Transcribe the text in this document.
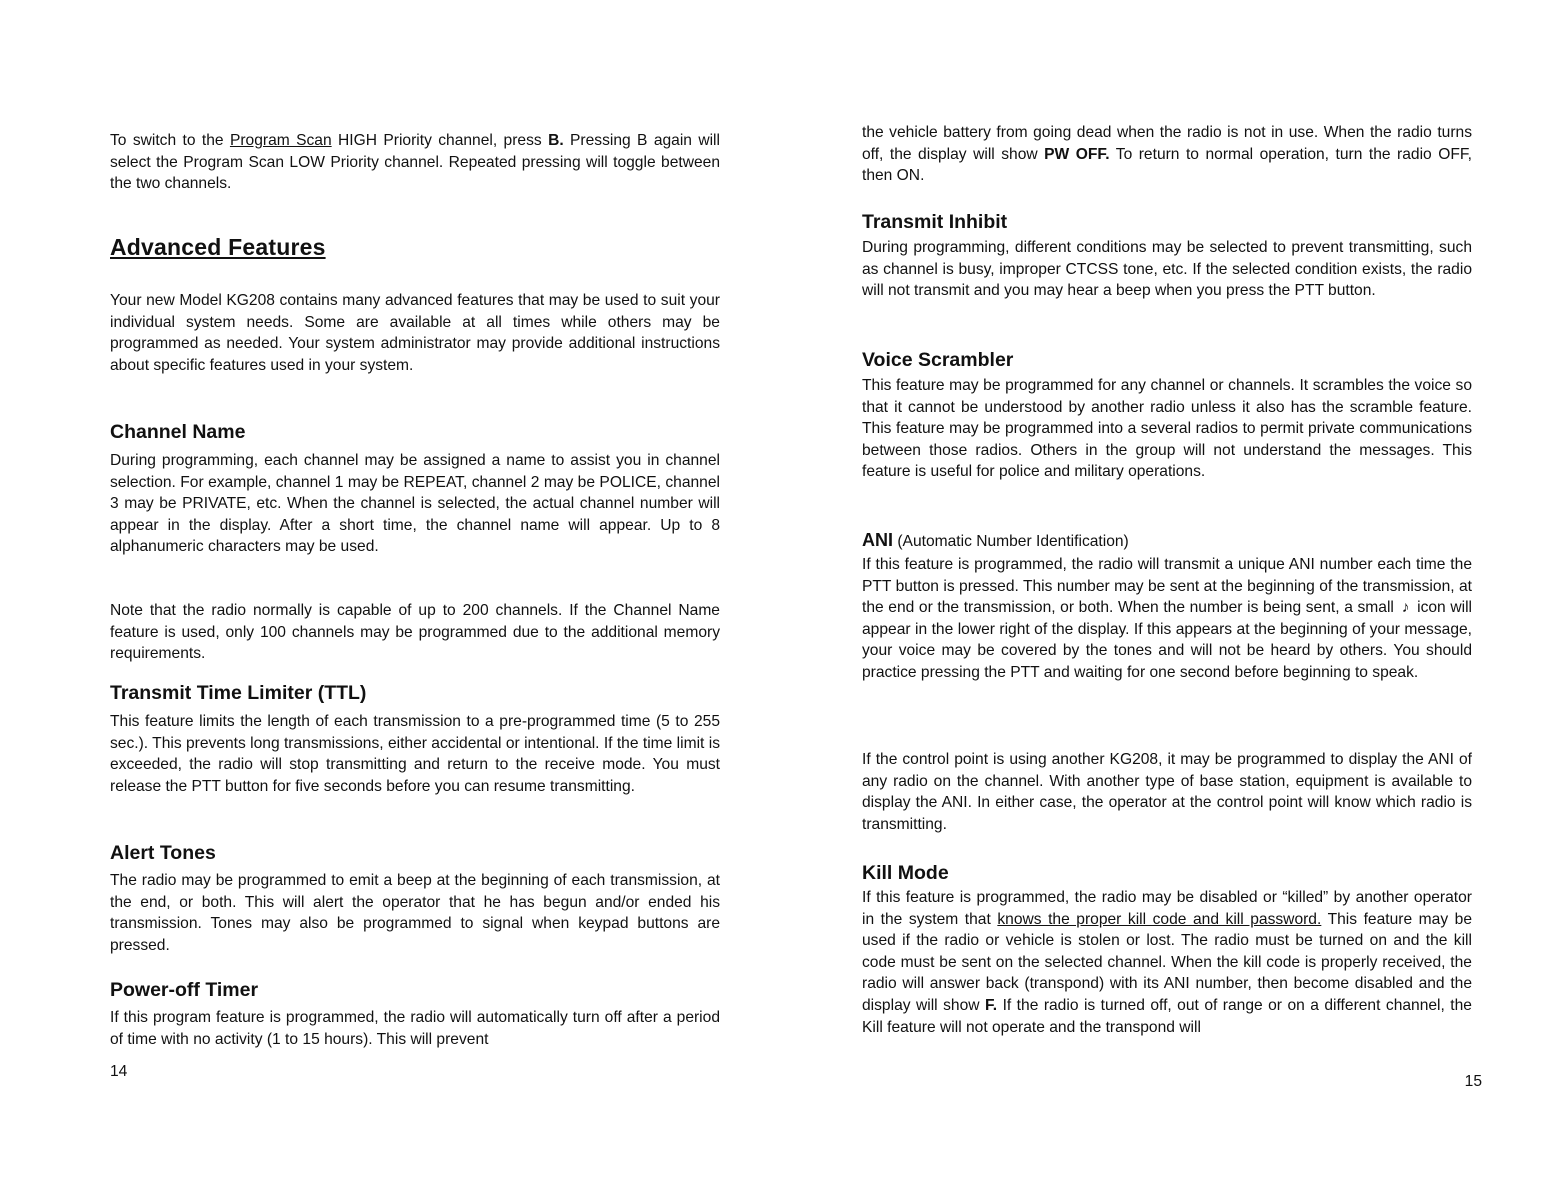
To switch to the Program Scan HIGH Priority channel, press B. Pressing B again will select the Program Scan LOW Priority channel. Repeated pressing will toggle between the two channels.

Advanced Features

Your new Model KG208 contains many advanced features that may be used to suit your individual system needs. Some are available at all times while others may be programmed as needed. Your system administrator may provide additional instructions about specific features used in your system.

Channel Name

During programming, each channel may be assigned a name to assist you in channel selection. For example, channel 1 may be REPEAT, channel 2 may be POLICE, channel 3 may be PRIVATE, etc. When the channel is selected, the actual channel number will appear in the display. After a short time, the channel name will appear. Up to 8 alphanumeric characters may be used.

Note that the radio normally is capable of up to 200 channels. If the Channel Name feature is used, only 100 channels may be programmed due to the additional memory requirements.

Transmit Time Limiter (TTL)

This feature limits the length of each transmission to a pre-programmed time (5 to 255 sec.). This prevents long transmissions, either accidental or intentional. If the time limit is exceeded, the radio will stop transmitting and return to the receive mode. You must release the PTT button for five seconds before you can resume transmitting.

Alert Tones

The radio may be programmed to emit a beep at the beginning of each transmission, at the end, or both. This will alert the operator that he has begun and/or ended his transmission. Tones may also be programmed to signal when keypad buttons are pressed.

Power-off Timer

If this program feature is programmed, the radio will automatically turn off after a period of time with no activity (1 to 15 hours). This will prevent

14

the vehicle battery from going dead when the radio is not in use. When the radio turns off, the display will show PW OFF. To return to normal operation, turn the radio OFF, then ON.

Transmit Inhibit

During programming, different conditions may be selected to prevent transmitting, such as channel is busy, improper CTCSS tone, etc. If the selected condition exists, the radio will not transmit and you may hear a beep when you press the PTT button.

Voice Scrambler

This feature may be programmed for any channel or channels. It scrambles the voice so that it cannot be understood by another radio unless it also has the scramble feature. This feature may be programmed into a several radios to permit private communications between those radios. Others in the group will not understand the messages. This feature is useful for police and military operations.

ANI (Automatic Number Identification)

If this feature is programmed, the radio will transmit a unique ANI number each time the PTT button is pressed. This number may be sent at the beginning of the transmission, at the end or the transmission, or both. When the number is being sent, a small ♪ icon will appear in the lower right of the display. If this appears at the beginning of your message, your voice may be covered by the tones and will not be heard by others. You should practice pressing the PTT and waiting for one second before beginning to speak.

If the control point is using another KG208, it may be programmed to display the ANI of any radio on the channel. With another type of base station, equipment is available to display the ANI. In either case, the operator at the control point will know which radio is transmitting.

Kill Mode

If this feature is programmed, the radio may be disabled or “killed” by another operator in the system that knows the proper kill code and kill password. This feature may be used if the radio or vehicle is stolen or lost. The radio must be turned on and the kill code must be sent on the selected channel. When the kill code is properly received, the radio will answer back (transpond) with its ANI number, then become disabled and the display will show F. If the radio is turned off, out of range or on a different channel, the Kill feature will not operate and the transpond will

15
